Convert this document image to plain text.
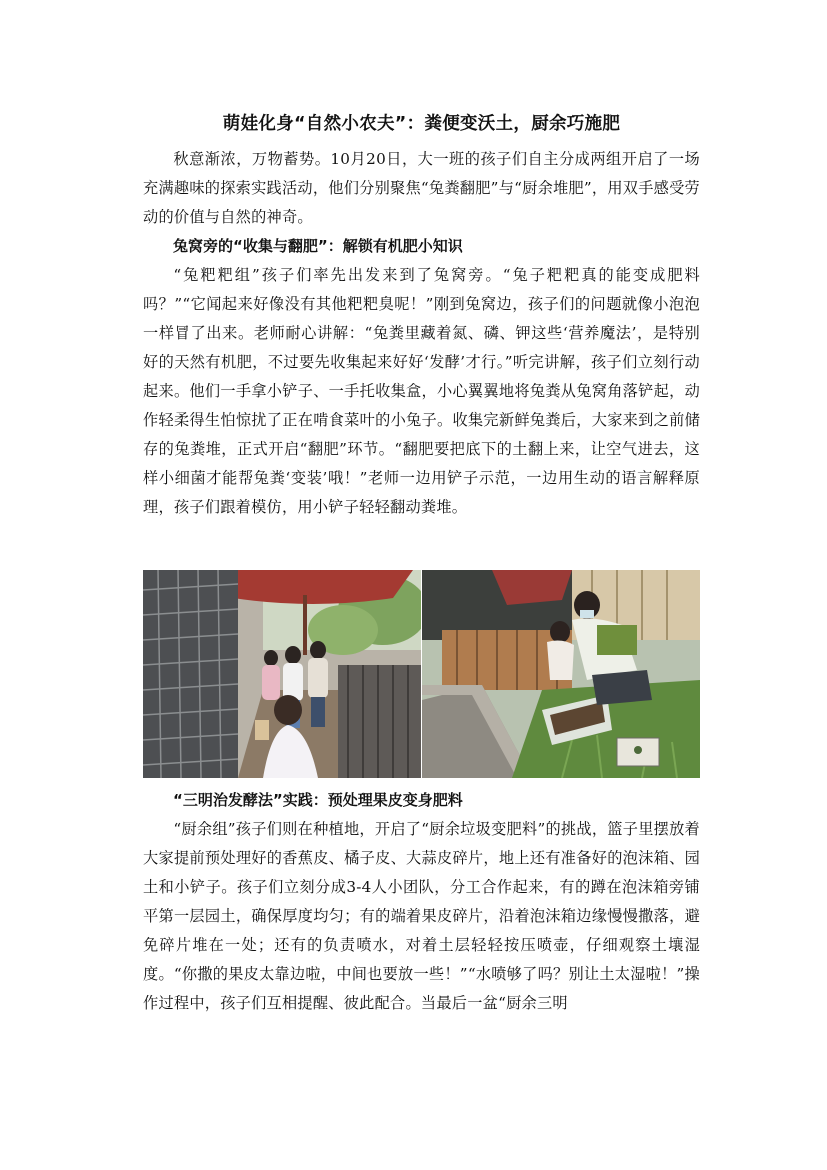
萌娃化身“自然小农夫”：粪便变沃土，厨余巧施肥

秋意渐浓，万物蓄势。10月20日，大一班的孩子们自主分成两组开启了一场充满趣味的探索实践活动，他们分别聚焦“兔粪翻肥”与“厨余堆肥”，用双手感受劳动的价值与自然的神奇。

兔窝旁的“收集与翻肥”：解锁有机肥小知识

“兔粑粑组”孩子们率先出发来到了兔窝旁。“兔子粑粑真的能变成肥料吗？”“它闻起来好像没有其他粑粑臭呢！”刚到兔窝边，孩子们的问题就像小泡泡一样冒了出来。老师耐心讲解：“兔粪里藏着氮、磷、钾这些‘营养魔法’，是特别好的天然有机肥，不过要先收集起来好好‘发酵’才行。”听完讲解，孩子们立刻行动起来。他们一手拿小铲子、一手托收集盒，小心翼翼地将兔粪从兔窝角落铲起，动作轻柔得生怕惊扰了正在啃食菜叶的小兔子。收集完新鲜兔粪后，大家来到之前储存的兔粪堆，正式开启“翻肥”环节。“翻肥要把底下的土翻上来，让空气进去，这样小细菌才能帮兔粪‘变装’哦！”老师一边用铲子示范，一边用生动的语言解释原理，孩子们跟着模仿，用小铲子轻轻翻动粪堆。

“三明治发酵法”实践：预处理果皮变身肥料

“厨余组”孩子们则在种植地，开启了“厨余垃圾变肥料”的挑战，篮子里摆放着大家提前预处理好的香蕉皮、橘子皮、大蒜皮碎片，地上还有准备好的泡沫箱、园土和小铲子。孩子们立刻分成3-4人小团队，分工合作起来，有的蹲在泡沫箱旁铺平第一层园土，确保厚度均匀；有的端着果皮碎片，沿着泡沫箱边缘慢慢撒落，避免碎片堆在一处；还有的负责喷水，对着土层轻轻按压喷壶，仔细观察土壤湿度。“你撒的果皮太靠边啦，中间也要放一些！”“水喷够了吗？别让土太湿啦！”操作过程中，孩子们互相提醒、彼此配合。当最后一盆“厨余三明
